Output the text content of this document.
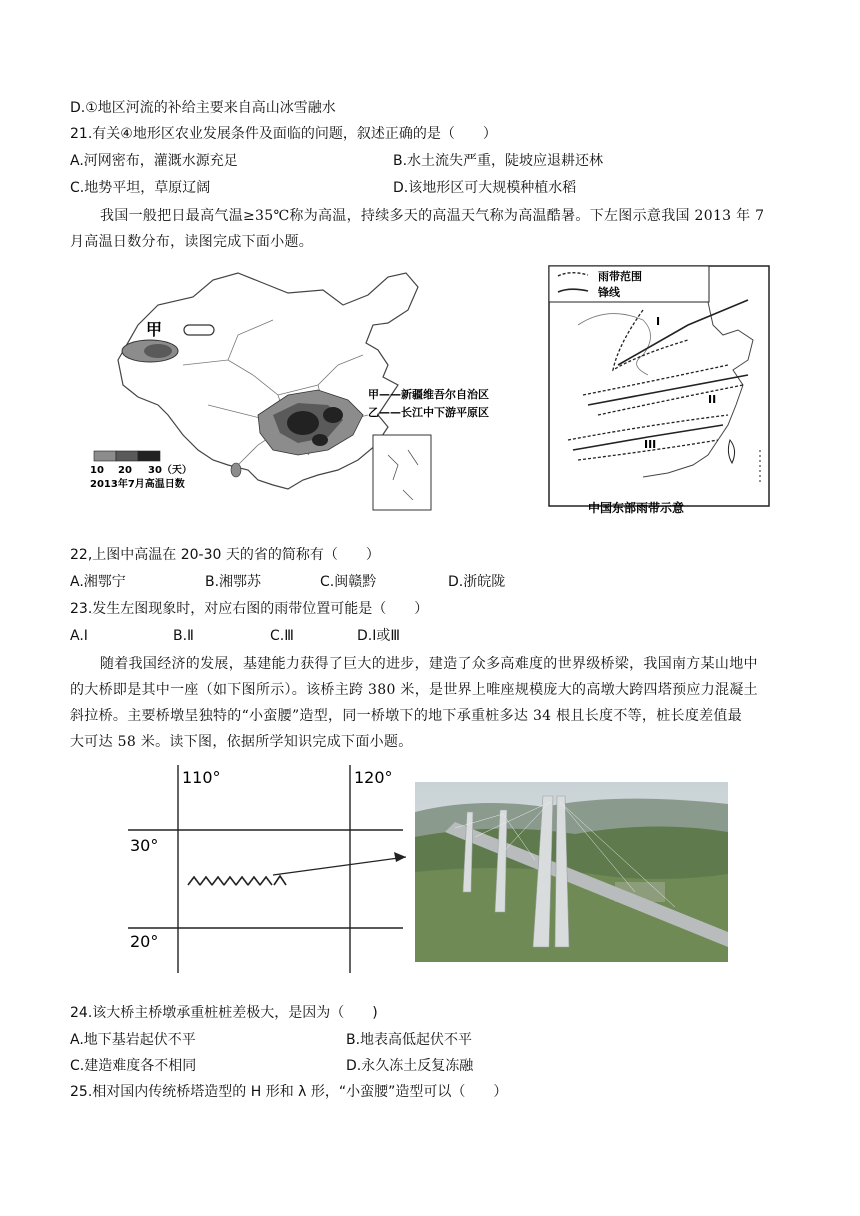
D.①地区河流的补给主要来自高山冰雪融水
21.有关④地形区农业发展条件及面临的问题，叙述正确的是（　　）
A.河网密布，灌溉水源充足	B.水土流失严重，陡坡应退耕还林
C.地势平坦，草原辽阔	D.该地形区可大规模种植水稻

我国一般把日最高气温≥35℃称为高温，持续多天的高温天气称为高温酷暑。下左图示意我国 2013 年 7

月高温日数分布，读图完成下面小题。

甲
甲——新疆维吾尔自治区
乙——长江中下游平原区
10 20 30（天）
2013年7月高温日数
雨带范围
锋线
I
II
III
中国东部雨带示意
22,上图中高温在 20-30 天的省的简称有（　　）
A.湘鄂宁	B.湘鄂苏	C.闽赣黔	D.浙皖陇
23.发生左图现象时，对应右图的雨带位置可能是（　　）
A.Ⅰ	B.Ⅱ	C.Ⅲ	D.Ⅰ或Ⅲ

随着我国经济的发展，基建能力获得了巨大的进步，建造了众多高难度的世界级桥梁，我国南方某山地中

的大桥即是其中一座（如下图所示）。该桥主跨 380 米，是世界上唯座规模庞大的高墩大跨四塔预应力混凝土

斜拉桥。主要桥墩呈独特的“小蛮腰”造型，同一桥墩下的地下承重桩多达 34 根且长度不等，桩长度差值最

大可达 58 米。读下图，依据所学知识完成下面小题。

110°	120°
30°
20°
24.该大桥主桥墩承重桩桩差极大，是因为（　　)
A.地下基岩起伏不平	B.地表高低起伏不平
C.建造难度各不相同	D.永久冻土反复冻融
25.相对国内传统桥塔造型的 H 形和 λ 形，“小蛮腰”造型可以（　　）
